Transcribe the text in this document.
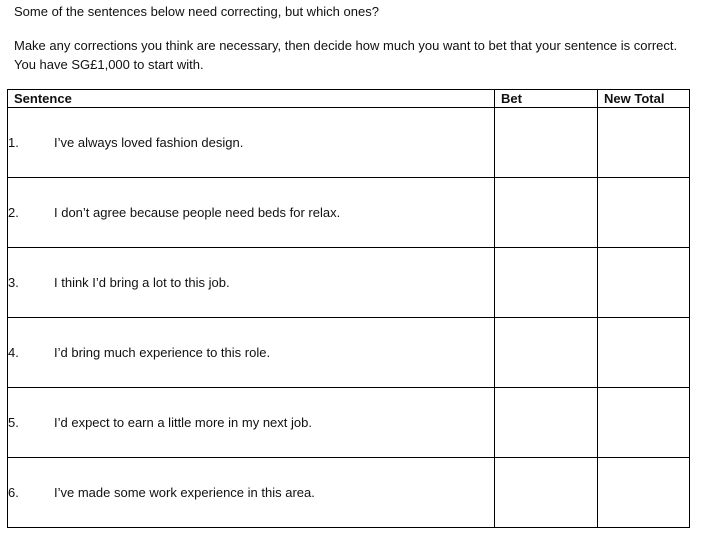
Some of the sentences below need correcting, but which ones?
Make any corrections you think are necessary, then decide how much you want to bet that your sentence is correct.
You have SG£1,000 to start with.
Sentence	Bet	New Total
1. I’ve always loved fashion design.		
2. I don’t agree because people need beds for relax.		
3. I think I’d bring a lot to this job.		
4. I’d bring much experience to this role.		
5. I’d expect to earn a little more in my next job.		
6. I’ve made some work experience in this area.		
